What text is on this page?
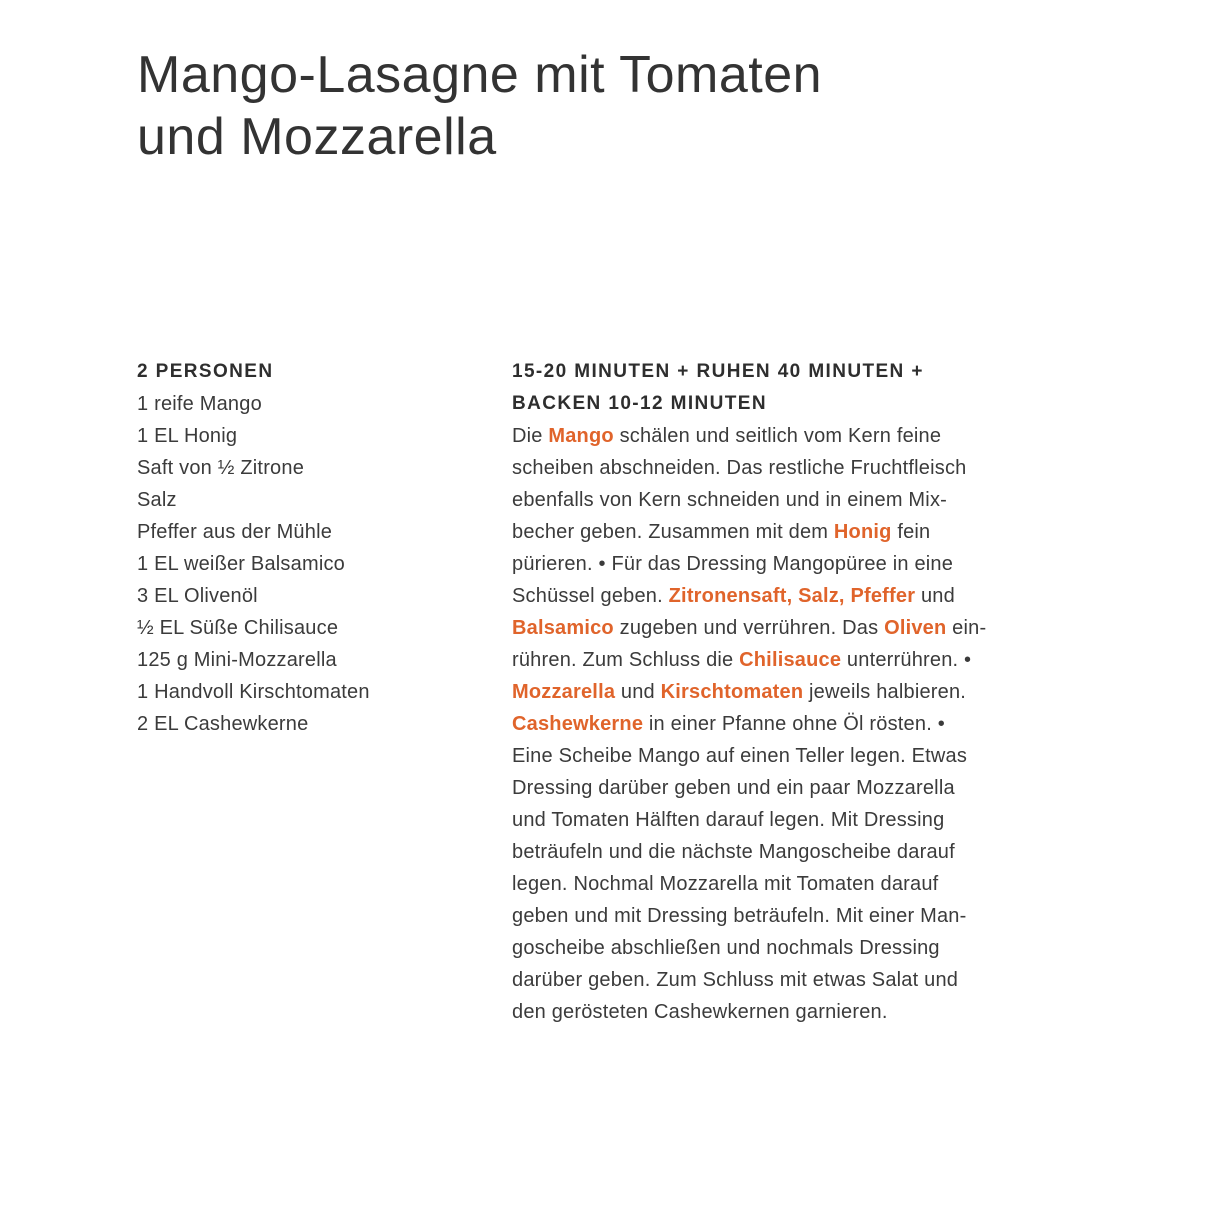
Mango-Lasagne mit Tomaten
und Mozzarella
2 PERSONEN
1 reife Mango
1 EL Honig
Saft von ½ Zitrone
Salz
Pfeffer aus der Mühle
1 EL weißer Balsamico
3 EL Olivenöl
½ EL Süße Chilisauce
125 g Mini-Mozzarella
1 Handvoll Kirschtomaten
2 EL Cashewkerne
15-20 MINUTEN + RUHEN 40 MINUTEN +
BACKEN 10-12 MINUTEN
Die Mango schälen und seitlich vom Kern feine
scheiben abschneiden. Das restliche Fruchtfleisch
ebenfalls von Kern schneiden und in einem Mix-
becher geben. Zusammen mit dem Honig fein
pürieren. • Für das Dressing Mangopüree in eine
Schüssel geben. Zitronensaft, Salz, Pfeffer und
Balsamico zugeben und verrühren. Das Oliven ein-
rühren. Zum Schluss die Chilisauce unterrühren. •
Mozzarella und Kirschtomaten jeweils halbieren.
Cashewkerne in einer Pfanne ohne Öl rösten. •
Eine Scheibe Mango auf einen Teller legen. Etwas
Dressing darüber geben und ein paar Mozzarella
und Tomaten Hälften darauf legen. Mit Dressing
beträufeln und die nächste Mangoscheibe darauf
legen. Nochmal Mozzarella mit Tomaten darauf
geben und mit Dressing beträufeln. Mit einer Man-
goscheibe abschließen und nochmals Dressing
darüber geben. Zum Schluss mit etwas Salat und
den gerösteten Cashewkernen garnieren.
